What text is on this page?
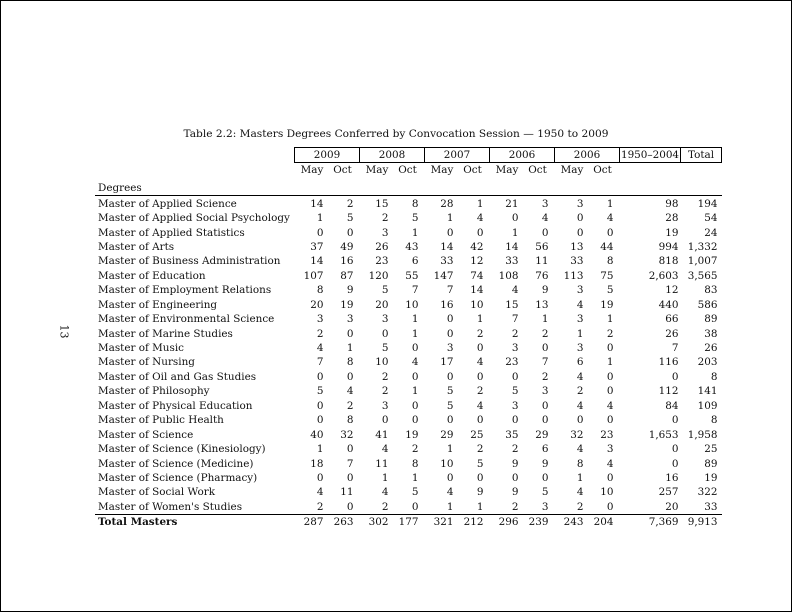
13
Table 2.2: Masters Degrees Conferred by Convocation Session — 1950 to 2009
	2009		2008		2007		2006		2006		1950–2004	Total
	May	Oct	May	Oct	May	Oct	May	Oct	May	Oct		
Degrees												
Master of Applied Science	14	2	15	8	28	1	21	3	3	1	98	194
Master of Applied Social Psychology	1	5	2	5	1	4	0	4	0	4	28	54
Master of Applied Statistics	0	0	3	1	0	0	1	0	0	0	19	24
Master of Arts	37	49	26	43	14	42	14	56	13	44	994	1,332
Master of Business Administration	14	16	23	6	33	12	33	11	33	8	818	1,007
Master of Education	107	87	120	55	147	74	108	76	113	75	2,603	3,565
Master of Employment Relations	8	9	5	7	7	14	4	9	3	5	12	83
Master of Engineering	20	19	20	10	16	10	15	13	4	19	440	586
Master of Environmental Science	3	3	3	1	0	1	7	1	3	1	66	89
Master of Marine Studies	2	0	0	1	0	2	2	2	1	2	26	38
Master of Music	4	1	5	0	3	0	3	0	3	0	7	26
Master of Nursing	7	8	10	4	17	4	23	7	6	1	116	203
Master of Oil and Gas Studies	0	0	2	0	0	0	0	2	4	0	0	8
Master of Philosophy	5	4	2	1	5	2	5	3	2	0	112	141
Master of Physical Education	0	2	3	0	5	4	3	0	4	4	84	109
Master of Public Health	0	8	0	0	0	0	0	0	0	0	0	8
Master of Science	40	32	41	19	29	25	35	29	32	23	1,653	1,958
Master of Science (Kinesiology)	1	0	4	2	1	2	2	6	4	3	0	25
Master of Science (Medicine)	18	7	11	8	10	5	9	9	8	4	0	89
Master of Science (Pharmacy)	0	0	1	1	0	0	0	0	1	0	16	19
Master of Social Work	4	11	4	5	4	9	9	5	4	10	257	322
Master of Women's Studies	2	0	2	0	1	1	2	3	2	0	20	33
Total Masters	287	263	302	177	321	212	296	239	243	204	7,369	9,913
